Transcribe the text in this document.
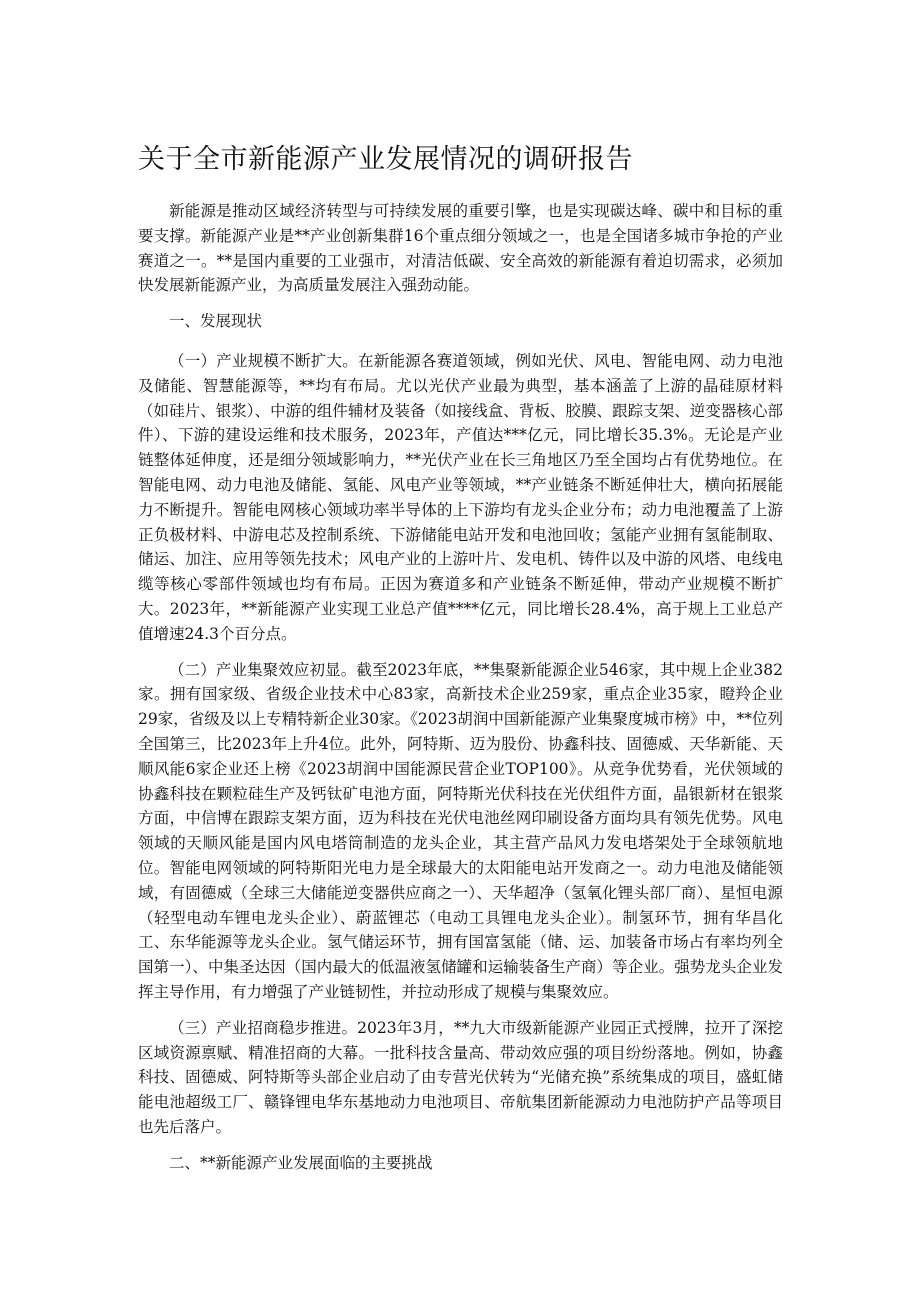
关于全市新能源产业发展情况的调研报告

新能源是推动区域经济转型与可持续发展的重要引擎，也是实现碳达峰、碳中和目标的重要支撑。新能源产业是**产业创新集群16个重点细分领域之一，也是全国诸多城市争抢的产业赛道之一。**是国内重要的工业强市，对清洁低碳、安全高效的新能源有着迫切需求，必须加快发展新能源产业，为高质量发展注入强劲动能。

一、发展现状

（一）产业规模不断扩大。在新能源各赛道领域，例如光伏、风电、智能电网、动力电池及储能、智慧能源等，**均有布局。尤以光伏产业最为典型，基本涵盖了上游的晶硅原材料（如硅片、银浆）、中游的组件辅材及装备（如接线盒、背板、胶膜、跟踪支架、逆变器核心部件）、下游的建设运维和技术服务，2023年，产值达***亿元，同比增长35.3%。无论是产业链整体延伸度，还是细分领域影响力，**光伏产业在长三角地区乃至全国均占有优势地位。在智能电网、动力电池及储能、氢能、风电产业等领域，**产业链条不断延伸壮大，横向拓展能力不断提升。智能电网核心领域功率半导体的上下游均有龙头企业分布；动力电池覆盖了上游正负极材料、中游电芯及控制系统、下游储能电站开发和电池回收；氢能产业拥有氢能制取、储运、加注、应用等领先技术；风电产业的上游叶片、发电机、铸件以及中游的风塔、电线电缆等核心零部件领域也均有布局。正因为赛道多和产业链条不断延伸，带动产业规模不断扩大。2023年，**新能源产业实现工业总产值****亿元，同比增长28.4%，高于规上工业总产值增速24.3个百分点。

（二）产业集聚效应初显。截至2023年底，**集聚新能源企业546家，其中规上企业382家。拥有国家级、省级企业技术中心83家，高新技术企业259家，重点企业35家，瞪羚企业29家，省级及以上专精特新企业30家。《2023胡润中国新能源产业集聚度城市榜》中，**位列全国第三，比2023年上升4位。此外，阿特斯、迈为股份、协鑫科技、固德威、天华新能、天顺风能6家企业还上榜《2023胡润中国能源民营企业TOP100》。从竞争优势看，光伏领域的协鑫科技在颗粒硅生产及钙钛矿电池方面，阿特斯光伏科技在光伏组件方面，晶银新材在银浆方面，中信博在跟踪支架方面，迈为科技在光伏电池丝网印刷设备方面均具有领先优势。风电领域的天顺风能是国内风电塔筒制造的龙头企业，其主营产品风力发电塔架处于全球领航地位。智能电网领域的阿特斯阳光电力是全球最大的太阳能电站开发商之一。动力电池及储能领域，有固德威（全球三大储能逆变器供应商之一）、天华超净（氢氧化锂头部厂商）、星恒电源（轻型电动车锂电龙头企业）、蔚蓝锂芯（电动工具锂电龙头企业）。制氢环节，拥有华昌化工、东华能源等龙头企业。氢气储运环节，拥有国富氢能（储、运、加装备市场占有率均列全国第一）、中集圣达因（国内最大的低温液氢储罐和运输装备生产商）等企业。强势龙头企业发挥主导作用，有力增强了产业链韧性，并拉动形成了规模与集聚效应。

（三）产业招商稳步推进。2023年3月，**九大市级新能源产业园正式授牌，拉开了深挖区域资源禀赋、精准招商的大幕。一批科技含量高、带动效应强的项目纷纷落地。例如，协鑫科技、固德威、阿特斯等头部企业启动了由专营光伏转为“光储充换”系统集成的项目，盛虹储能电池超级工厂、赣锋锂电华东基地动力电池项目、帝航集团新能源动力电池防护产品等项目也先后落户。

二、**新能源产业发展面临的主要挑战
